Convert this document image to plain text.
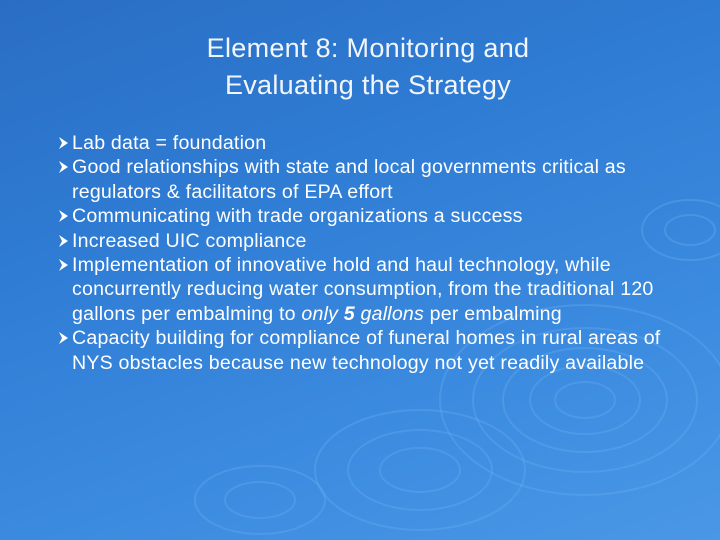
Element 8: Monitoring and
Evaluating the Strategy
Lab data = foundation
Good relationships with state and local governments critical as regulators & facilitators of EPA effort
Communicating with trade organizations a success
Increased UIC compliance
Implementation of innovative hold and haul technology, while concurrently reducing water consumption, from the traditional 120 gallons per embalming to only 5 gallons per embalming
Capacity building for compliance of funeral homes in rural areas of NYS obstacles because new technology not yet readily available
